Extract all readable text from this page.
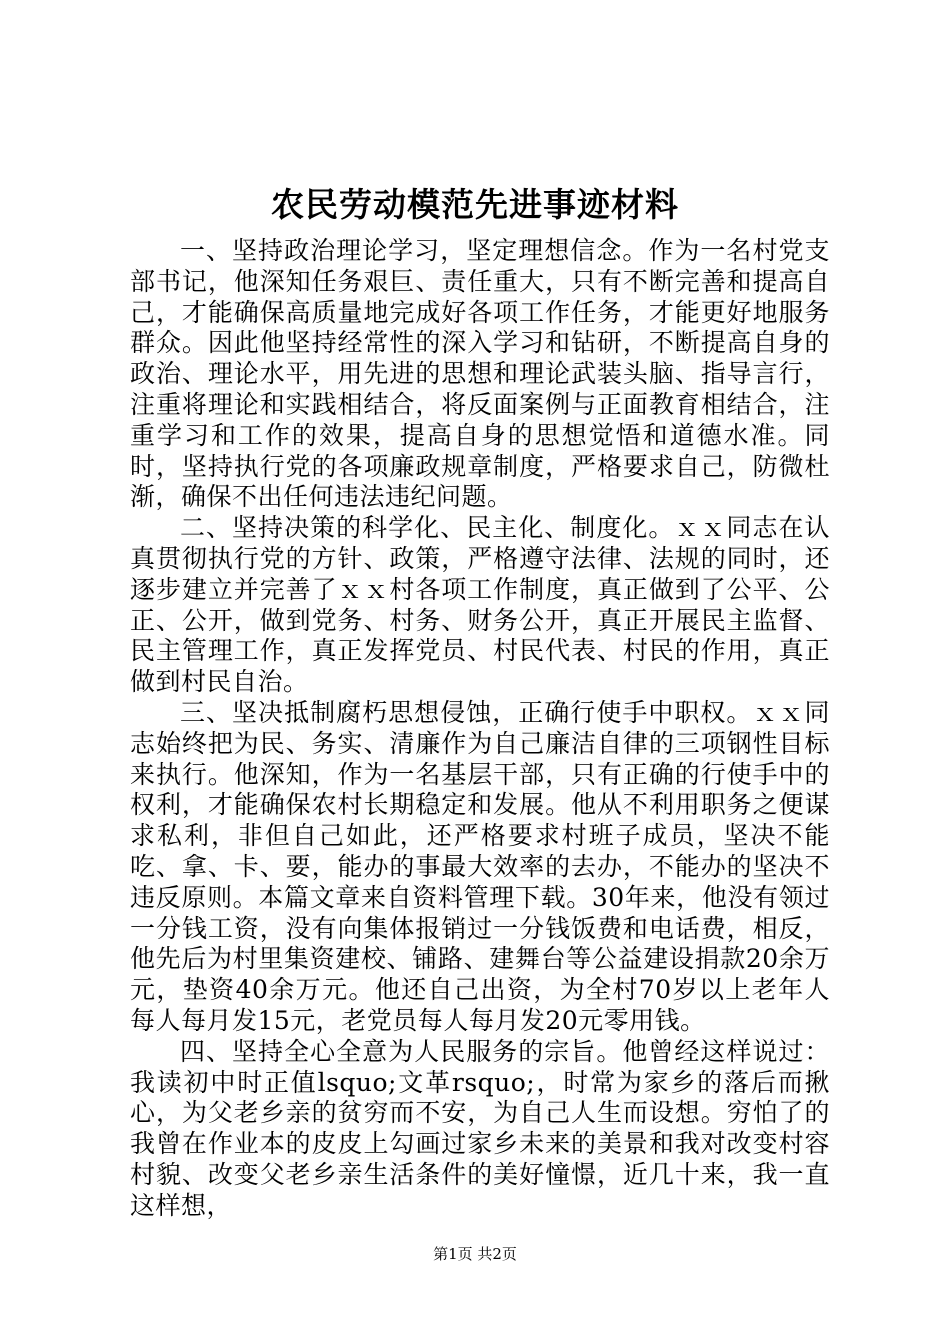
农民劳动模范先进事迹材料

一、坚持政治理论学习，坚定理想信念。作为一名村党支部书记，他深知任务艰巨、责任重大，只有不断完善和提高自己，才能确保高质量地完成好各项工作任务，才能更好地服务群众。因此他坚持经常性的深入学习和钻研，不断提高自身的政治、理论水平，用先进的思想和理论武装头脑、指导言行，注重将理论和实践相结合，将反面案例与正面教育相结合，注重学习和工作的效果，提高自身的思想觉悟和道德水准。同时，坚持执行党的各项廉政规章制度，严格要求自己，防微杜渐，确保不出任何违法违纪问题。

二、坚持决策的科学化、民主化、制度化。ｘｘ同志在认真贯彻执行党的方针、政策，严格遵守法律、法规的同时，还逐步建立并完善了ｘｘ村各项工作制度，真正做到了公平、公正、公开，做到党务、村务、财务公开，真正开展民主监督、民主管理工作，真正发挥党员、村民代表、村民的作用，真正做到村民自治。

三、坚决抵制腐朽思想侵蚀，正确行使手中职权。ｘｘ同志始终把为民、务实、清廉作为自己廉洁自律的三项钢性目标来执行。他深知，作为一名基层干部，只有正确的行使手中的权利，才能确保农村长期稳定和发展。他从不利用职务之便谋求私利，非但自己如此，还严格要求村班子成员，坚决不能吃、拿、卡、要，能办的事最大效率的去办，不能办的坚决不违反原则。本篇文章来自资料管理下载。30年来，他没有领过一分钱工资，没有向集体报销过一分钱饭费和电话费，相反，他先后为村里集资建校、铺路、建舞台等公益建设捐款20余万元，垫资40余万元。他还自己出资，为全村70岁以上老年人每人每月发15元，老党员每人每月发20元零用钱。

四、坚持全心全意为人民服务的宗旨。他曾经这样说过：我读初中时正值lsquo;文革rsquo;，时常为家乡的落后而揪心，为父老乡亲的贫穷而不安，为自己人生而设想。穷怕了的我曾在作业本的皮皮上勾画过家乡未来的美景和我对改变村容村貌、改变父老乡亲生活条件的美好憧憬，近几十来，我一直这样想，

第1页 共2页
